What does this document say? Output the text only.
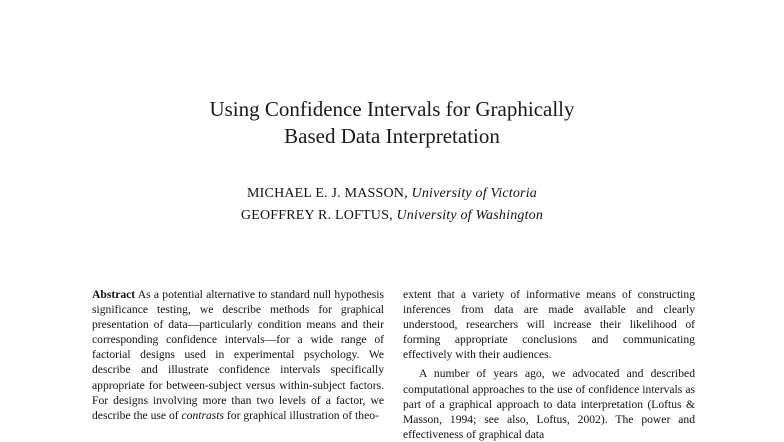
Using Confidence Intervals for Graphically
Based Data Interpretation
MICHAEL E. J. MASSON, University of Victoria
GEOFFREY R. LOFTUS, University of Washington

Abstract As a potential alternative to standard null hypothesis significance testing, we describe methods for graphical presentation of data—particularly condition means and their corresponding confidence intervals—for a wide range of factorial designs used in experimental psychology. We describe and illustrate confidence intervals specifically appropriate for between-subject versus within-subject factors. For designs involving more than two levels of a factor, we describe the use of contrasts for graphical illustration of theo-

extent that a variety of informative means of constructing inferences from data are made available and clearly understood, researchers will increase their likelihood of forming appropriate conclusions and communicating effectively with their audiences.

A number of years ago, we advocated and described computational approaches to the use of confidence intervals as part of a graphical approach to data interpretation (Loftus & Masson, 1994; see also, Loftus, 2002). The power and effectiveness of graphical data
